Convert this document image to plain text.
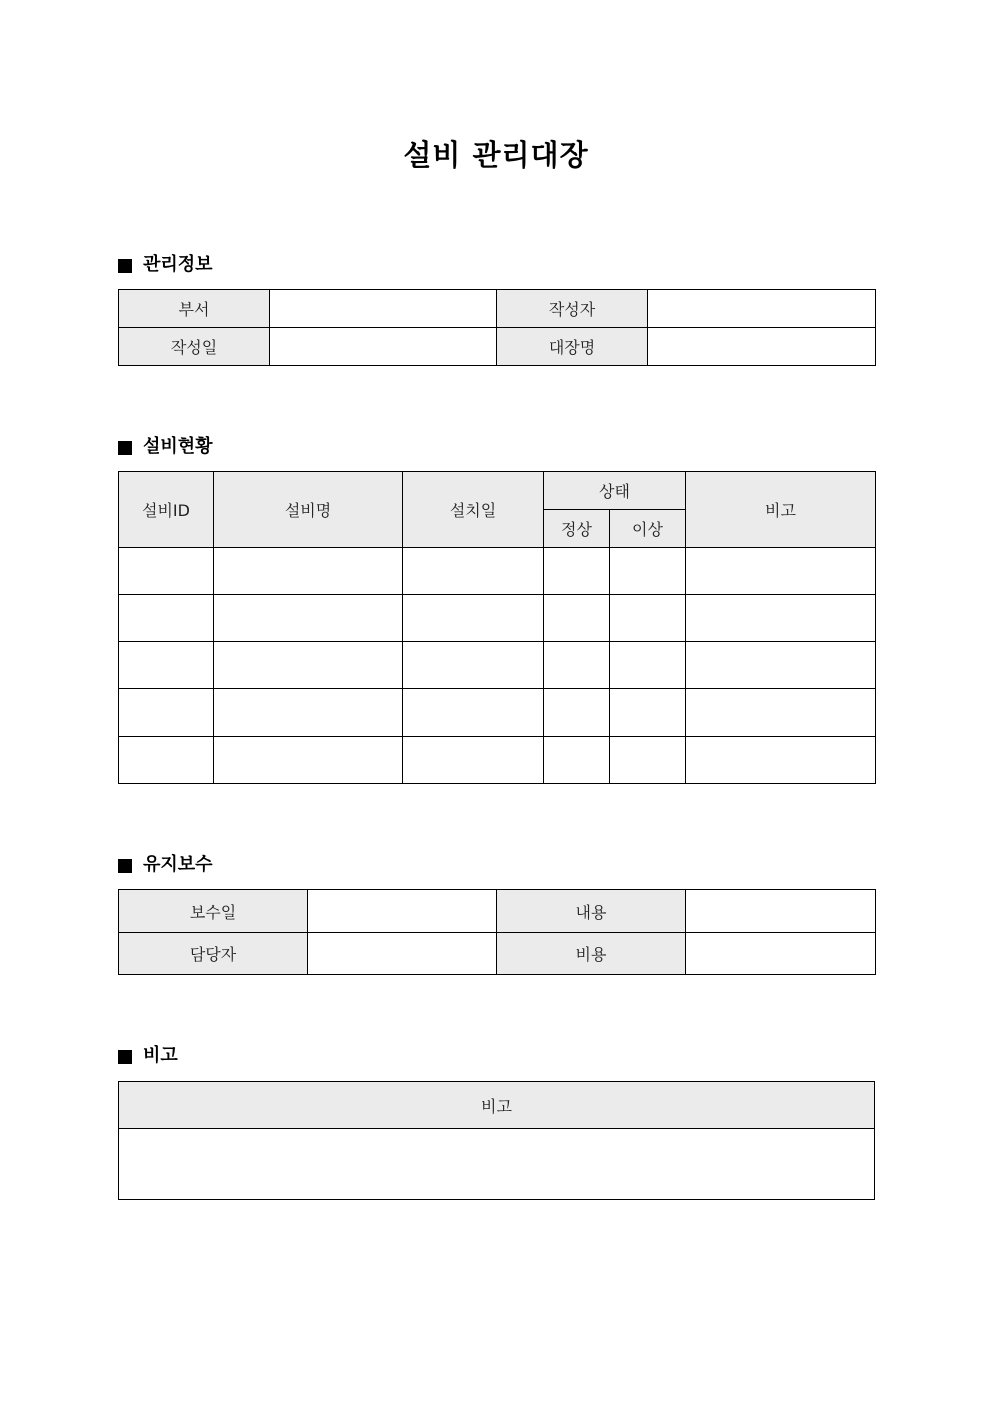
설비 관리대장
관리정보
부서		작성자	
작성일		대장명	
설비현황
설비ID	설비명	설치일	상태		비고
			정상	이상	

유지보수
보수일		내용	
담당자		비용	
비고
비고
